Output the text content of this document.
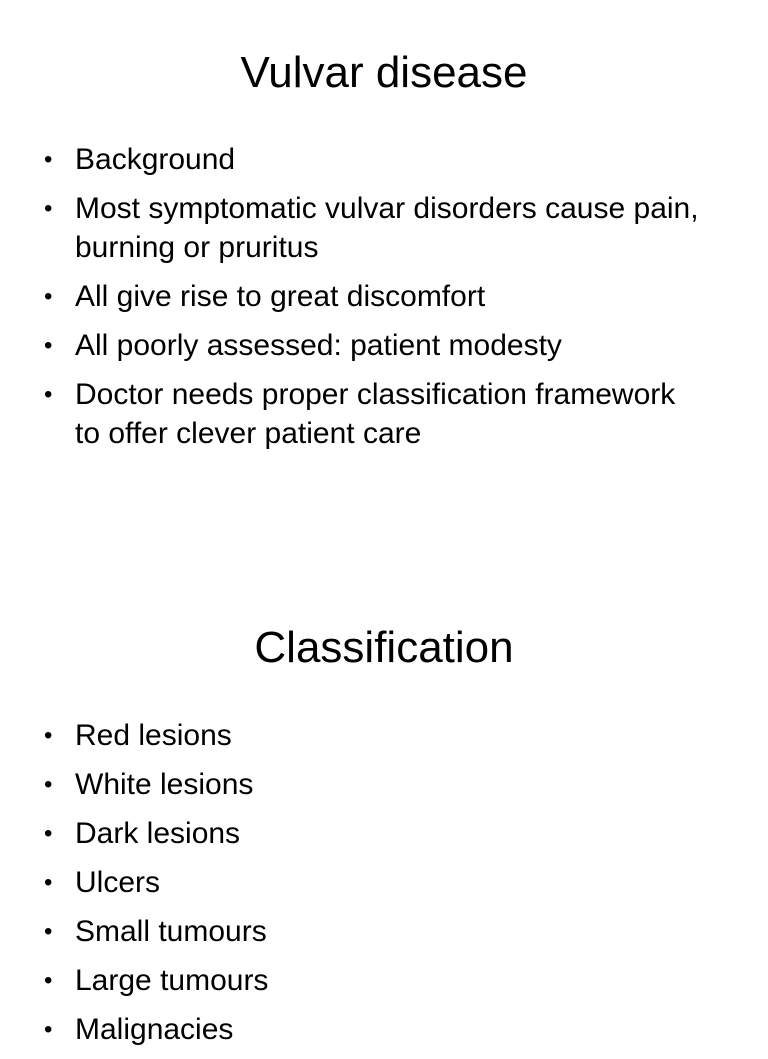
Vulvar disease
• Background
• Most symptomatic vulvar disorders cause pain, burning or pruritus
• All give rise to great discomfort
• All poorly assessed: patient modesty
• Doctor needs proper classification framework to offer clever patient care
Classification
• Red lesions
• White lesions
• Dark lesions
• Ulcers
• Small tumours
• Large tumours
• Malignacies
